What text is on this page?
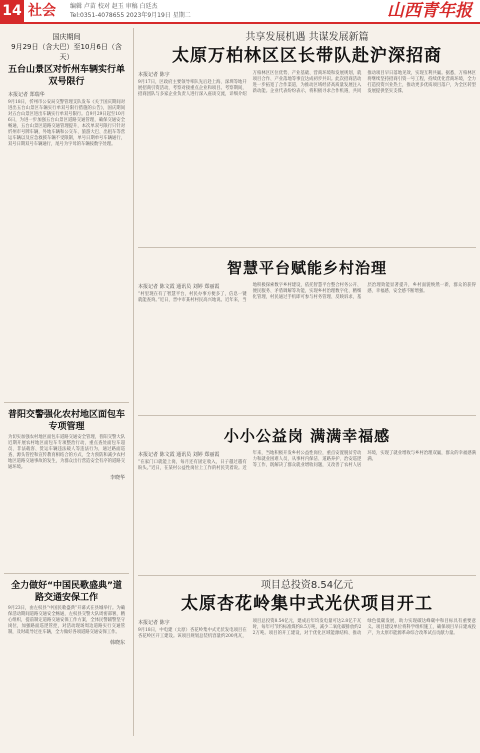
14 社会 编辑 卢苗 校对 赵玉 审稿 白廷杰
Tel:0351-4078655 2023年9月19日 星期二	山西青年报
国庆期间
9月29日（含大巴）至10月6日（含天）
五台山景区对忻州车辆实行单双号限行
本报记者 郑瑞华
9月18日，忻州市公安局交警管理支队发布《关于国庆期间对进出五台山景区车辆实行单双号限行措施的公告》，国庆期间对五台山景区进出车辆实行单双号限行。自9月29日起至10月6日，为进一步加强五台山景区道路交通管理，确保交通安全畅通，五台山景区道路交通管理提升，本次单双号限行只针对忻州市号牌车辆，外地车辆和公交车、旅游大巴、出租车等营运车辆以及应急救援车辆不受限制，单号日期单号车辆通行，双号日期双号车辆通行，尾号为字母的车辆按数字处理。
普阳交警强化农村地区面包车专项管理
为切实加强农村地区面包车道路交通安全管理，普阳交警大队近期开展农村地区面包车专项整治行动，重点查处面包车超员、非法载客、货运车辆违法载人等违法行为，通过路面巡查、源头管控和宣传教育相结合的方式，全力预防和减少农村地区道路交通事故的发生，为群众出行营造安全有序的道路交通环境。
李晓华
全力做好“中国民歌盛典”道路交通安保工作
9月23日，由左权县“中国民歌盛典”开幕式在县城举行。为确保活动期间道路交通安全畅通，左权县交警大队周密部署，精心组织，提前制定道路交通安保工作方案，全体民警辅警坚守岗位，加强路面巡逻管控，对活动现场周边道路实行交通管制，及时疏导过往车辆，全力做好各项道路交通安保工作。
韩晓东
共享发展机遇 共谋发展新篇
太原万柏林区区长带队赴沪深招商
本报记者 陈宇
9月17日，区政府主要领导率队先后赴上海、深圳等地开展招商引资活动，考察对接重点企业和项目。考察期间，招商团队与多家企业负责人进行深入座谈交流，详细介绍万柏林区区位优势、产业基础、营商环境和发展规划，就项目合作、产业落地等事宜达成初步共识。此次招商活动进一步拓宽了合作渠道，为推动区域经济高质量发展注入新动能。企业代表纷纷表示，将积极寻求合作机遇，共同推动项目早日落地见效，实现互利共赢。据悉，万柏林区将继续坚持招商引资一号工程，持续优化营商环境，全力打造投资兴业热土，推动更多优质项目落户，为全区转型发展提供坚实支撑。
智慧平台赋能乡村治理
本报记者 陈文霞 通讯员 刘婷 郑丽霞
“村里现在有了智慧平台，村民办事方便多了，信息一键就能查询。”近日，晋中市某村村民高兴地说。近年来，当地积极探索数字乡村建设，依托智慧平台整合村务公开、便民服务、矛盾调解等功能，实现乡村治理数字化、精细化管理，村民通过手机即可参与村务管理、反映诉求，基层治理效能显著提升，乡村面貌焕然一新，群众的获得感、幸福感、安全感不断增强。
小小公益岗 满满幸福感
本报记者 陈文霞 通讯员 刘婷 郑丽霞
“在家门口就能上岗，每月还有固定收入，日子越过越有盼头。”近日，在某村公益性岗位上工作的村民笑着说。近年来，当地积极开发乡村公益性岗位，重点安置脱贫劳动力和就业困难人员，从事村内保洁、道路养护、治安巡逻等工作，既解决了群众就业增收问题，又改善了农村人居环境，实现了就业增收与乡村治理双赢，群众的幸福感满满。
项目总投资8.54亿元
太原杏花岭集中式光伏项目开工
本报记者 陈宇
9月18日，中电建（太原）杏花岭集中式光伏发电项目在杏花岭区开工建设。该项目规划总装机容量约200兆瓦，项目总投资8.54亿元，建成后年均发电量可达2.8亿千瓦时，每年可节约标准煤约8.5万吨，减少二氧化碳排放约22万吨。项目的开工建设，对于优化区域能源结构、推动绿色低碳发展、助力实现碳达峰碳中和目标具有重要意义。项目建设单位将科学组织施工，确保项目早日建成投产，为太原市能源革命综合改革试点贡献力量。
